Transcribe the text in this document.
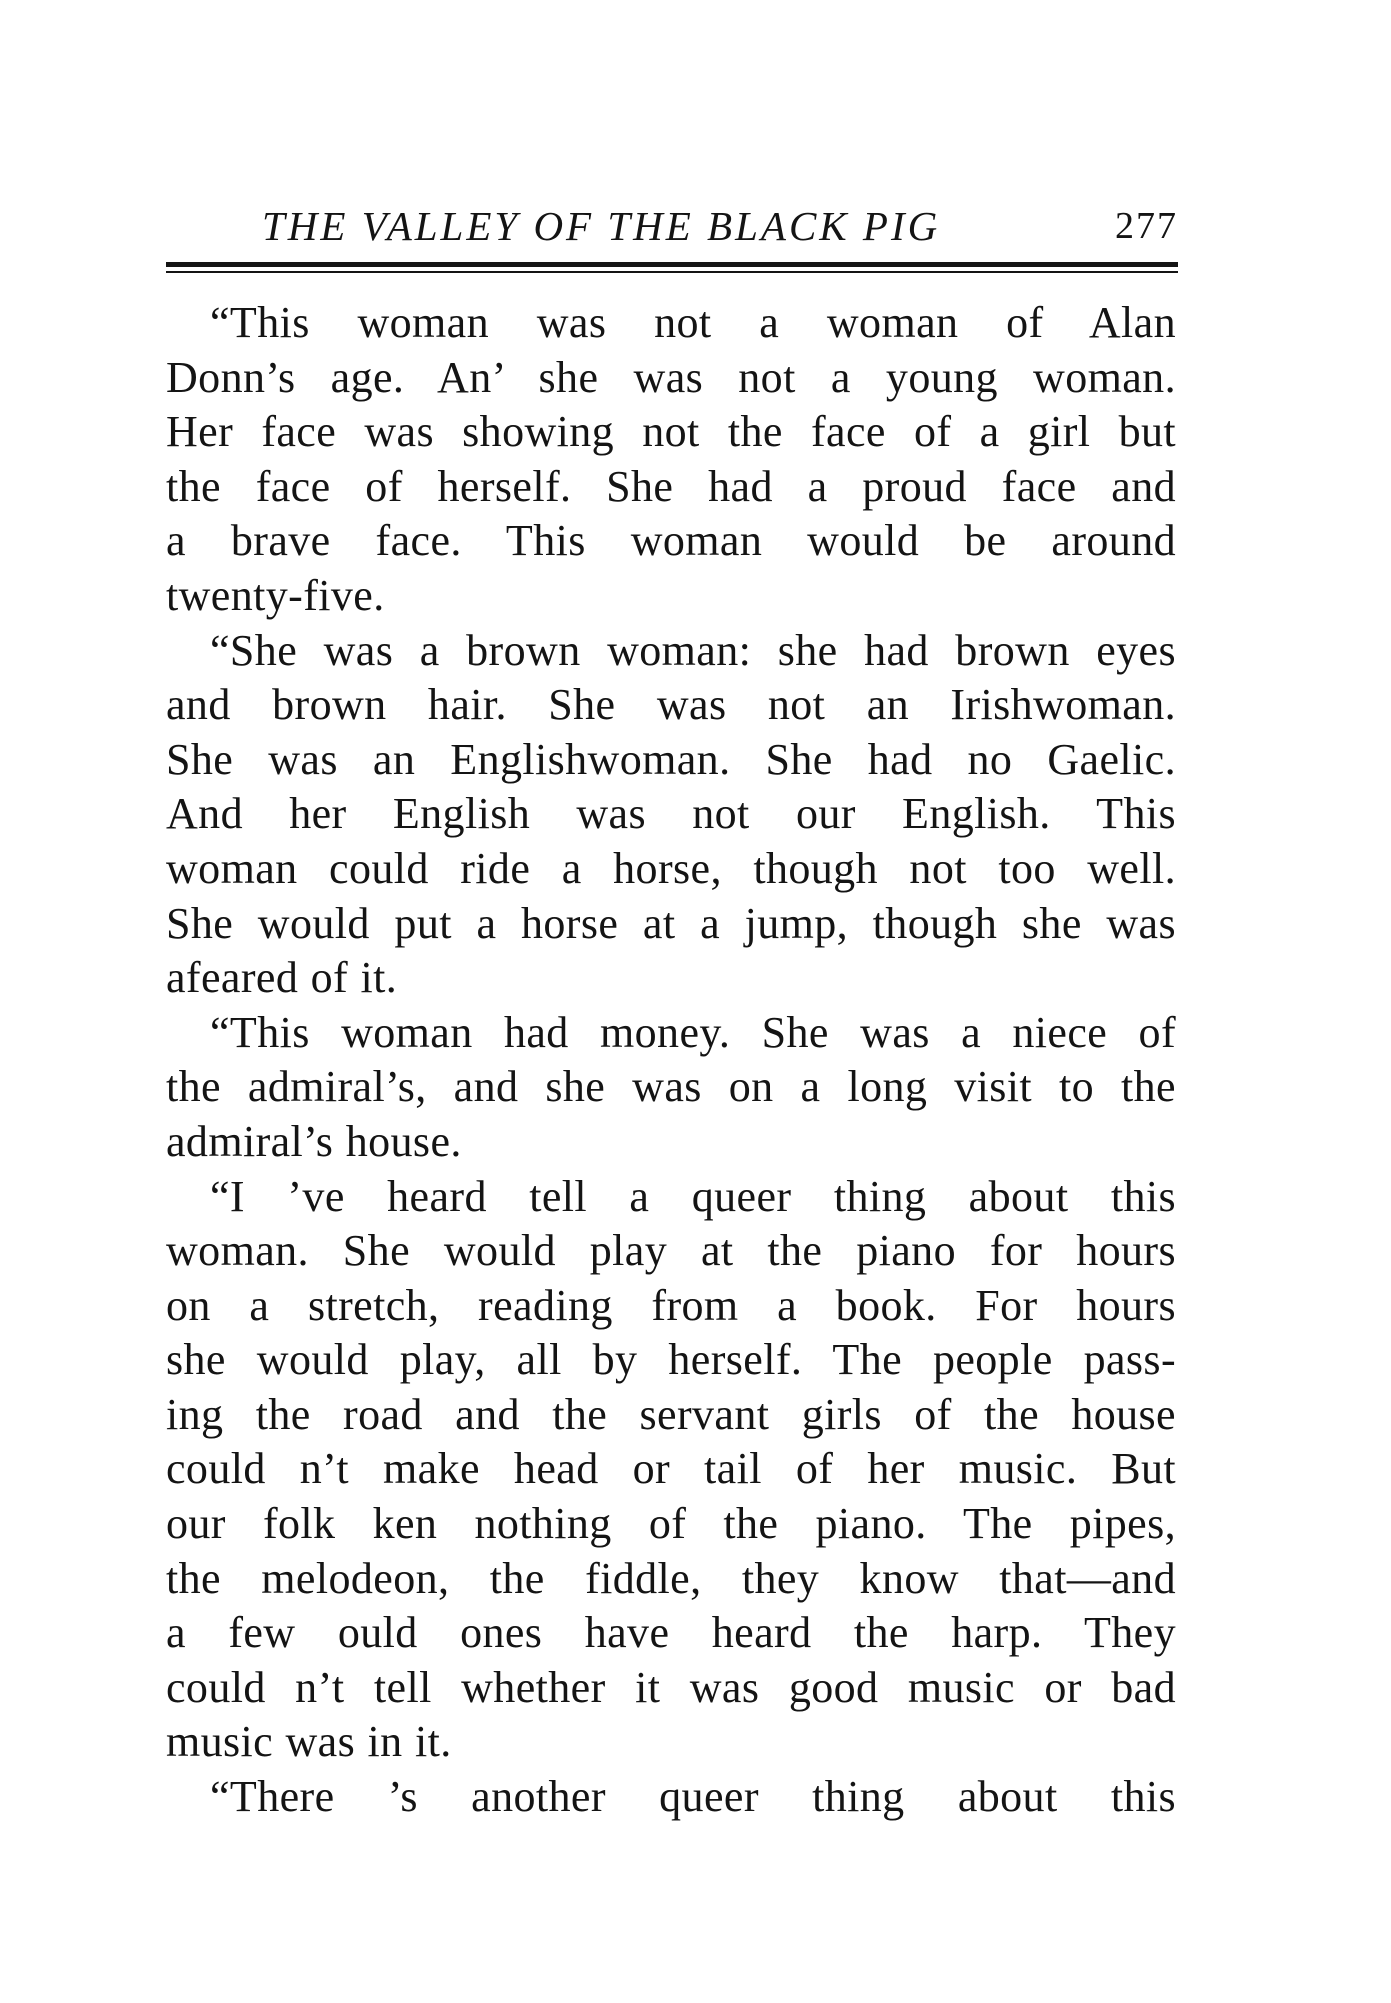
THE VALLEY OF THE BLACK PIG	277
“This woman was not a woman of Alan
Donn’s age. An’ she was not a young woman.
Her face was showing not the face of a girl but
the face of herself. She had a proud face and
a brave face. This woman would be around
twenty-five.
“She was a brown woman: she had brown eyes
and brown hair. She was not an Irishwoman.
She was an Englishwoman. She had no Gaelic.
And her English was not our English. This
woman could ride a horse, though not too well.
She would put a horse at a jump, though she was
afeared of it.
“This woman had money. She was a niece of
the admiral’s, and she was on a long visit to the
admiral’s house.
“I ’ve heard tell a queer thing about this
woman. She would play at the piano for hours
on a stretch, reading from a book. For hours
she would play, all by herself. The people pass-
ing the road and the servant girls of the house
could n’t make head or tail of her music. But
our folk ken nothing of the piano. The pipes,
the melodeon, the fiddle, they know that—and
a few ould ones have heard the harp. They
could n’t tell whether it was good music or bad
music was in it.
“There ’s another queer thing about this
